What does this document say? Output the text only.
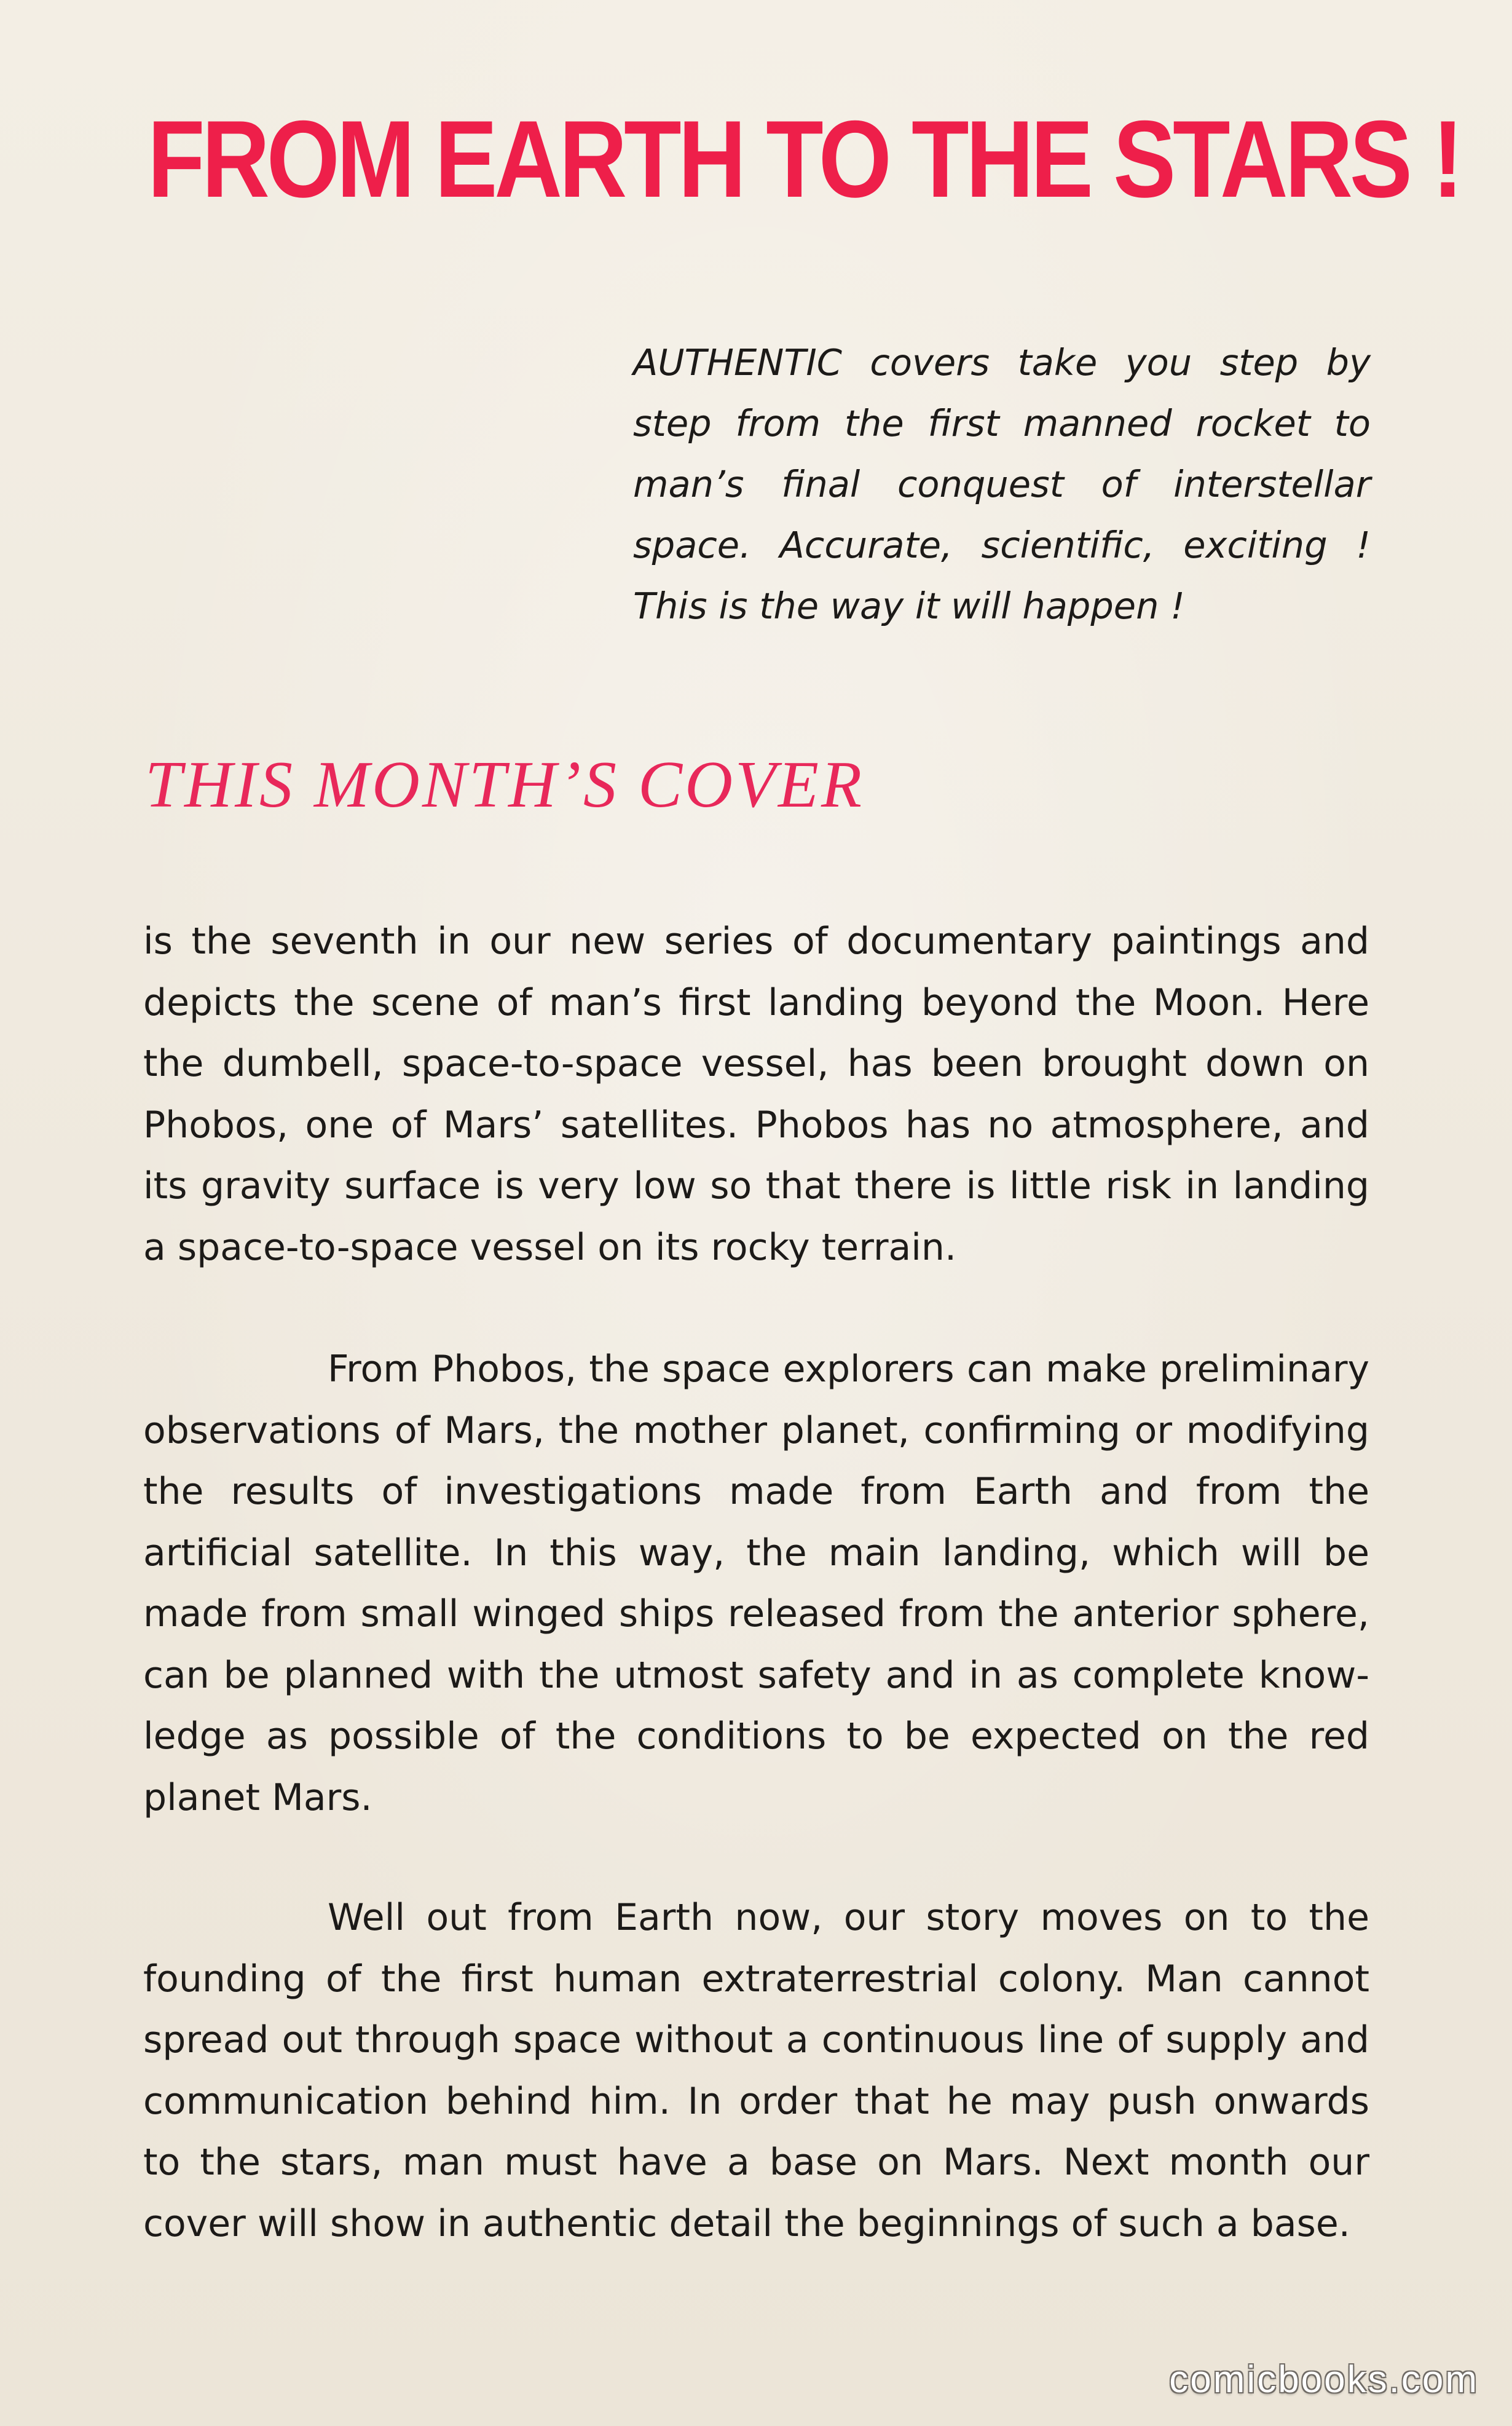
FROM EARTH TO THE STARS !

AUTHENTIC covers take you step by step from the first manned rocket to man’s final conquest of interstellar space. Accurate, scientific, exciting ! This is the way it will happen !

THIS MONTH’S COVER

is the seventh in our new series of documentary paintings and depicts the scene of man’s first landing beyond the Moon. Here the dumbell, space-to-space vessel, has been brought down on Phobos, one of Mars’ satellites. Phobos has no atmosphere, and its gravity surface is very low so that there is little risk in landing a space-to-space vessel on its rocky terrain.

From Phobos, the space explorers can make preliminary observations of Mars, the mother planet, confirming or modifying the results of investigations made from Earth and from the artificial satellite. In this way, the main landing, which will be made from small winged ships released from the anterior sphere, can be planned with the utmost safety and in as complete knowledge as possible of the conditions to be expected on the red planet Mars.

Well out from Earth now, our story moves on to the founding of the first human extraterrestrial colony. Man cannot spread out through space without a continuous line of supply and communication behind him. In order that he may push onwards to the stars, man must have a base on Mars. Next month our cover will show in authentic detail the beginnings of such a base.

comicbooks.com
